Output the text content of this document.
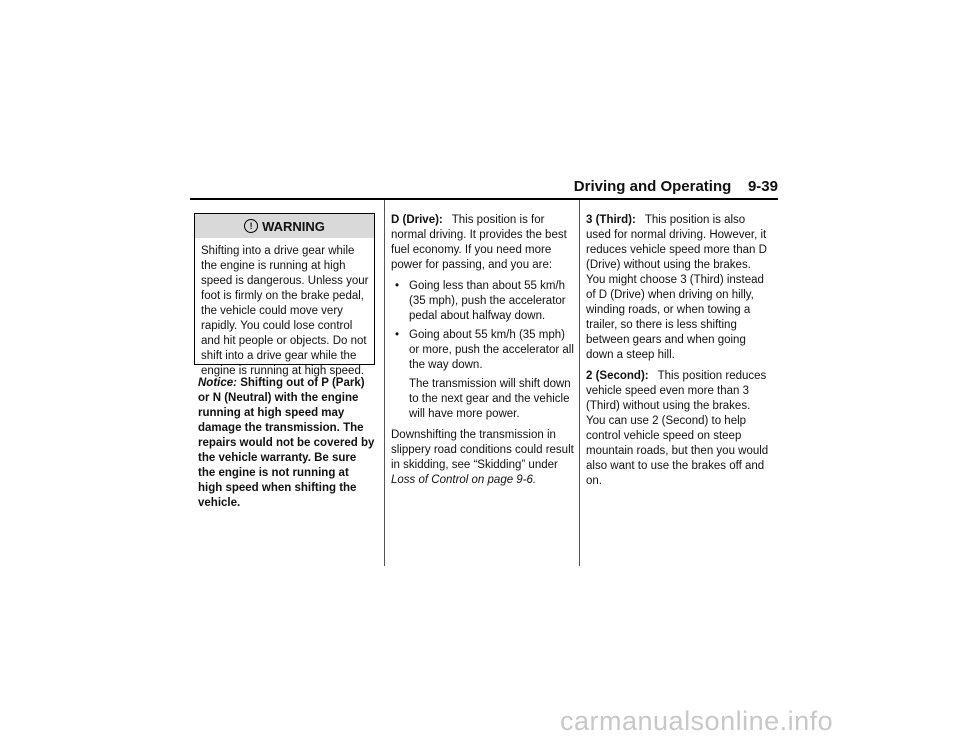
Driving and Operating 9-39
! WARNING
Shifting into a drive gear while the engine is running at high speed is dangerous. Unless your foot is firmly on the brake pedal, the vehicle could move very rapidly. You could lose control and hit people or objects. Do not shift into a drive gear while the engine is running at high speed.
Notice: Shifting out of P (Park) or N (Neutral) with the engine running at high speed may damage the transmission. The repairs would not be covered by the vehicle warranty. Be sure the engine is not running at high speed when shifting the vehicle.

D (Drive): This position is for normal driving. It provides the best fuel economy. If you need more power for passing, and you are:

• Going less than about 55 km/h (35 mph), push the accelerator pedal about halfway down.
• Going about 55 km/h (35 mph) or more, push the accelerator all the way down.
The transmission will shift down to the next gear and the vehicle will have more power.

Downshifting the transmission in slippery road conditions could result in skidding, see “Skidding” under Loss of Control on page 9-6.

3 (Third): This position is also used for normal driving. However, it reduces vehicle speed more than D (Drive) without using the brakes. You might choose 3 (Third) instead of D (Drive) when driving on hilly, winding roads, or when towing a trailer, so there is less shifting between gears and when going down a steep hill.

2 (Second): This position reduces vehicle speed even more than 3 (Third) without using the brakes. You can use 2 (Second) to help control vehicle speed on steep mountain roads, but then you would also want to use the brakes off and on.

carmanualsonline.info
